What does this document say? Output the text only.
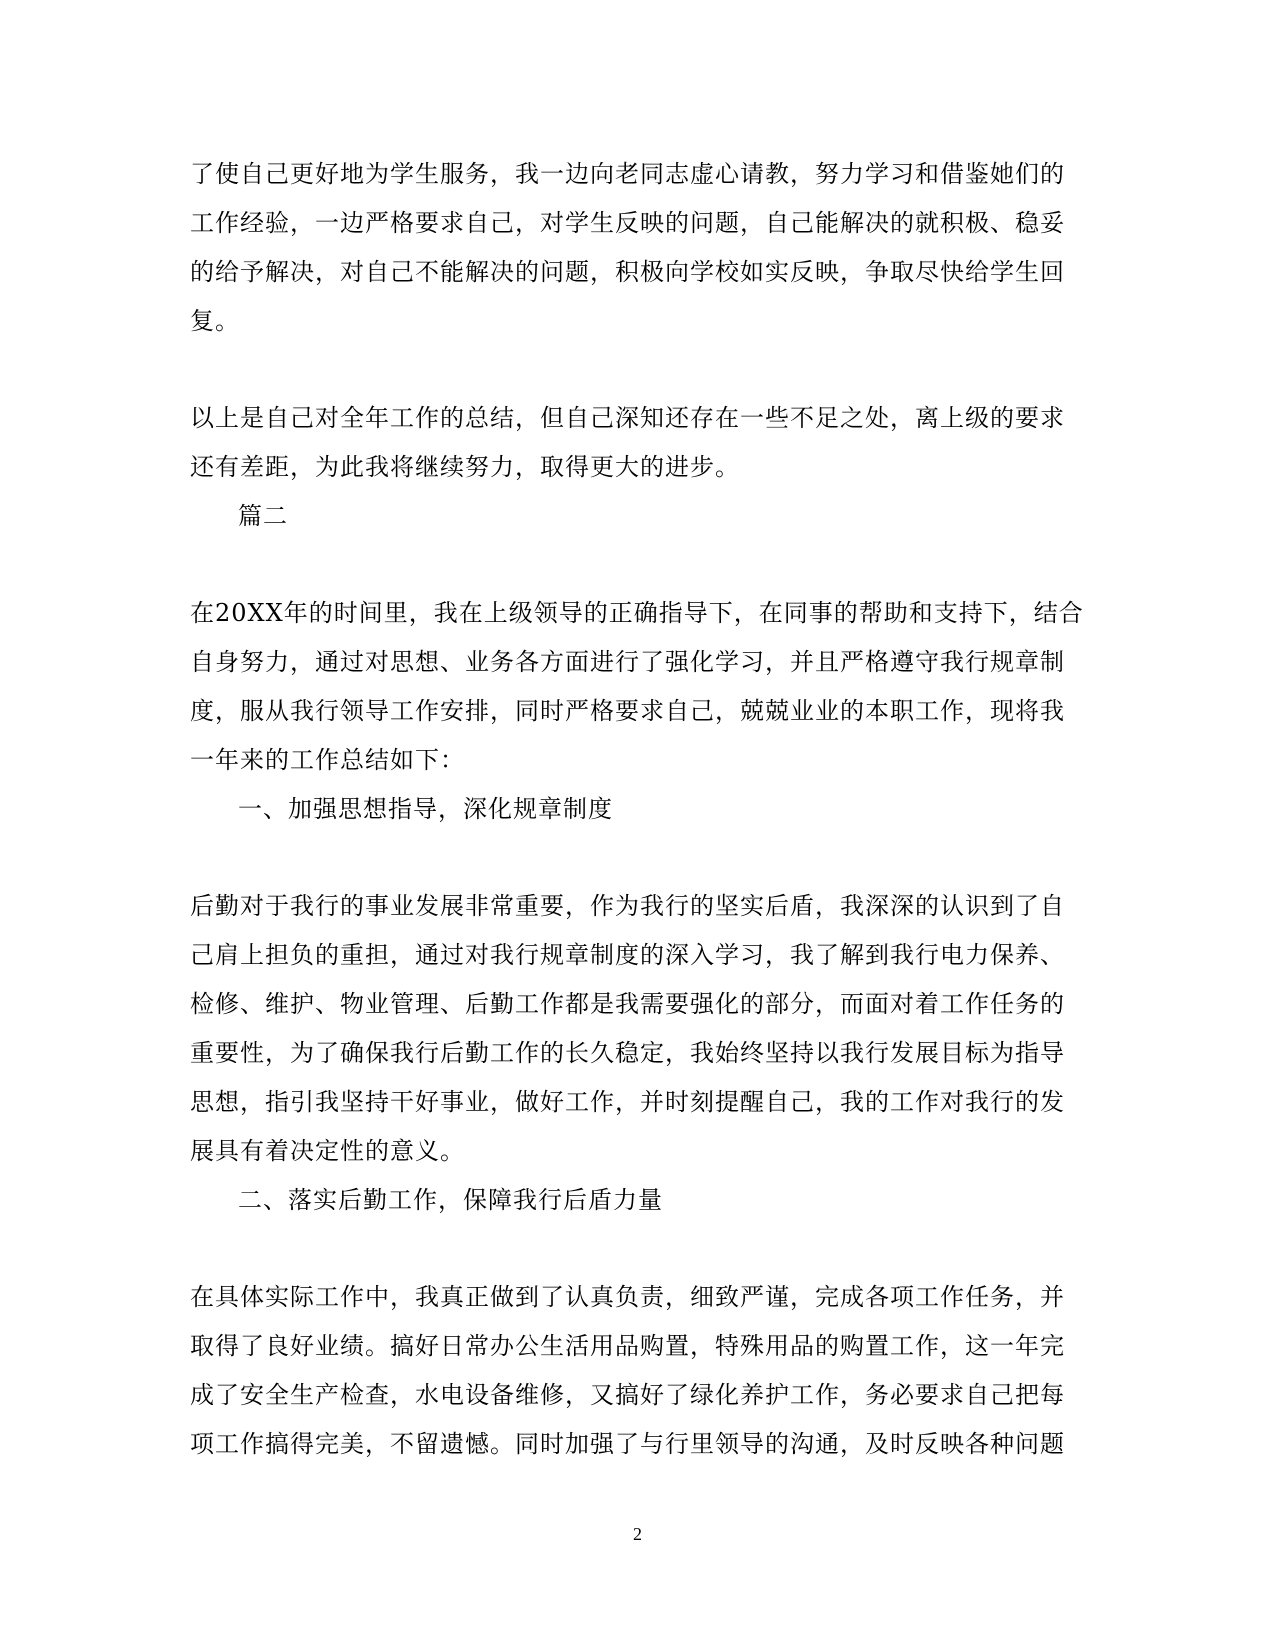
了使自己更好地为学生服务，我一边向老同志虚心请教，努力学习和借鉴她们的
工作经验，一边严格要求自己，对学生反映的问题，自己能解决的就积极、稳妥
的给予解决，对自己不能解决的问题，积极向学校如实反映，争取尽快给学生回
复。
以上是自己对全年工作的总结，但自己深知还存在一些不足之处，离上级的要求
还有差距，为此我将继续努力，取得更大的进步。
篇二
在20XX年的时间里，我在上级领导的正确指导下，在同事的帮助和支持下，结合
自身努力，通过对思想、业务各方面进行了强化学习，并且严格遵守我行规章制
度，服从我行领导工作安排，同时严格要求自己，兢兢业业的本职工作，现将我
一年来的工作总结如下：
一、加强思想指导，深化规章制度
后勤对于我行的事业发展非常重要，作为我行的坚实后盾，我深深的认识到了自
己肩上担负的重担，通过对我行规章制度的深入学习，我了解到我行电力保养、
检修、维护、物业管理、后勤工作都是我需要强化的部分，而面对着工作任务的
重要性，为了确保我行后勤工作的长久稳定，我始终坚持以我行发展目标为指导
思想，指引我坚持干好事业，做好工作，并时刻提醒自己，我的工作对我行的发
展具有着决定性的意义。
二、落实后勤工作，保障我行后盾力量
在具体实际工作中，我真正做到了认真负责，细致严谨，完成各项工作任务，并
取得了良好业绩。搞好日常办公生活用品购置，特殊用品的购置工作，这一年完
成了安全生产检查，水电设备维修，又搞好了绿化养护工作，务必要求自己把每
项工作搞得完美，不留遗憾。同时加强了与行里领导的沟通，及时反映各种问题
2
